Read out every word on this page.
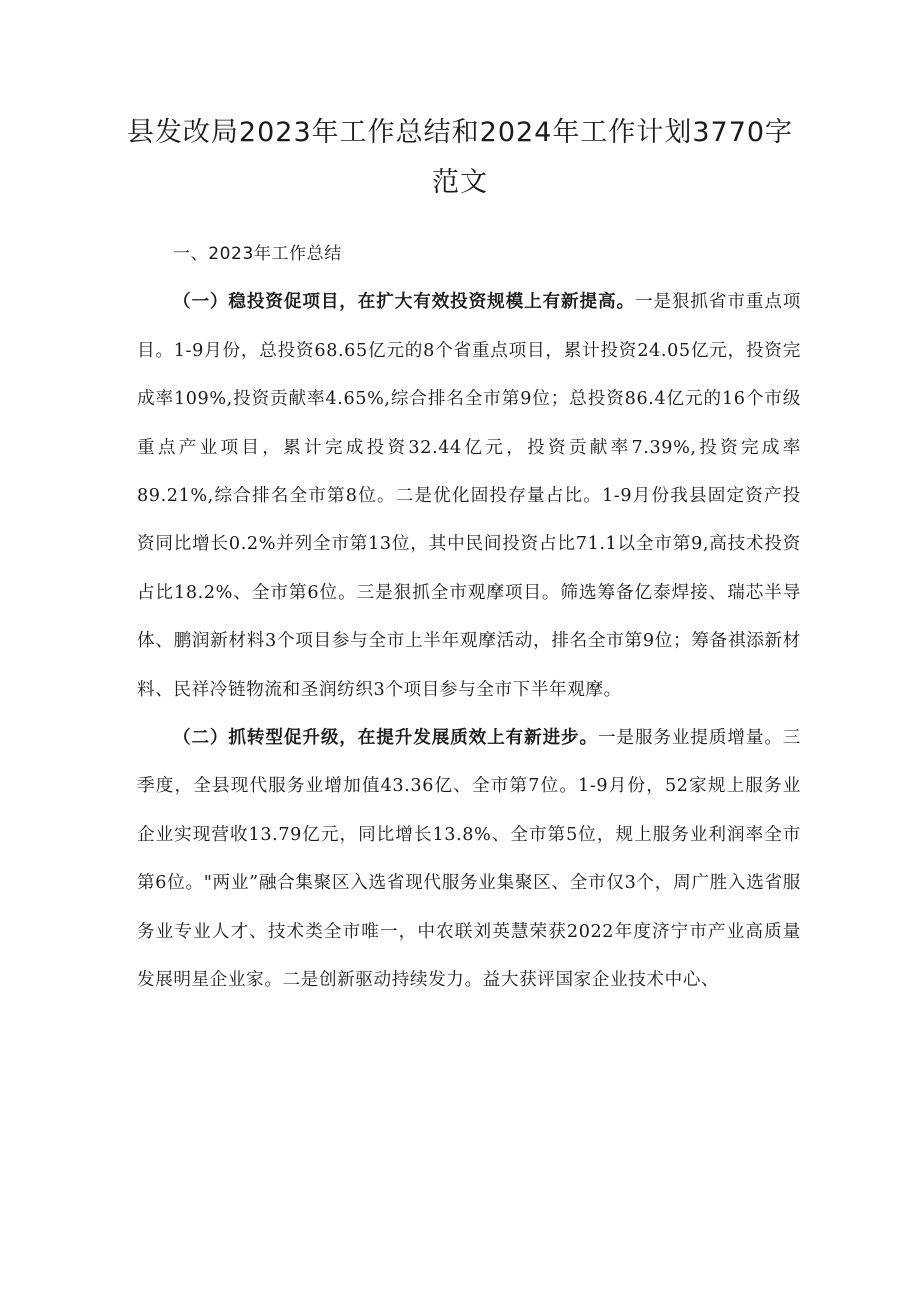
县发改局2023年工作总结和2024年工作计划3770字范文

一、2023年工作总结

（一）稳投资促项目，在扩大有效投资规模上有新提高。一是狠抓省市重点项目。1-9月份，总投资68.65亿元的8个省重点项目，累计投资24.05亿元，投资完成率109%,投资贡献率4.65%,综合排名全市第9位；总投资86.4亿元的16个市级重点产业项目，累计完成投资32.44亿元，投资贡献率7.39%,投资完成率89.21%,综合排名全市第8位。二是优化固投存量占比。1-9月份我县固定资产投资同比增长0.2%并列全市第13位，其中民间投资占比71.1以全市第9,高技术投资占比18.2%、全市第6位。三是狠抓全市观摩项目。筛选筹备亿泰焊接、瑞芯半导体、鹏润新材料3个项目参与全市上半年观摩活动，排名全市第9位；筹备祺添新材料、民祥冷链物流和圣润纺织3个项目参与全市下半年观摩。

（二）抓转型促升级，在提升发展质效上有新进步。一是服务业提质增量。三季度，全县现代服务业增加值43.36亿、全市第7位。1-9月份，52家规上服务业企业实现营收13.79亿元，同比增长13.8%、全市第5位，规上服务业利润率全市第6位。"两业”融合集聚区入选省现代服务业集聚区、全市仅3个，周广胜入选省服务业专业人才、技术类全市唯一，中农联刘英慧荣获2022年度济宁市产业高质量发展明星企业家。二是创新驱动持续发力。益大获评国家企业技术中心、
